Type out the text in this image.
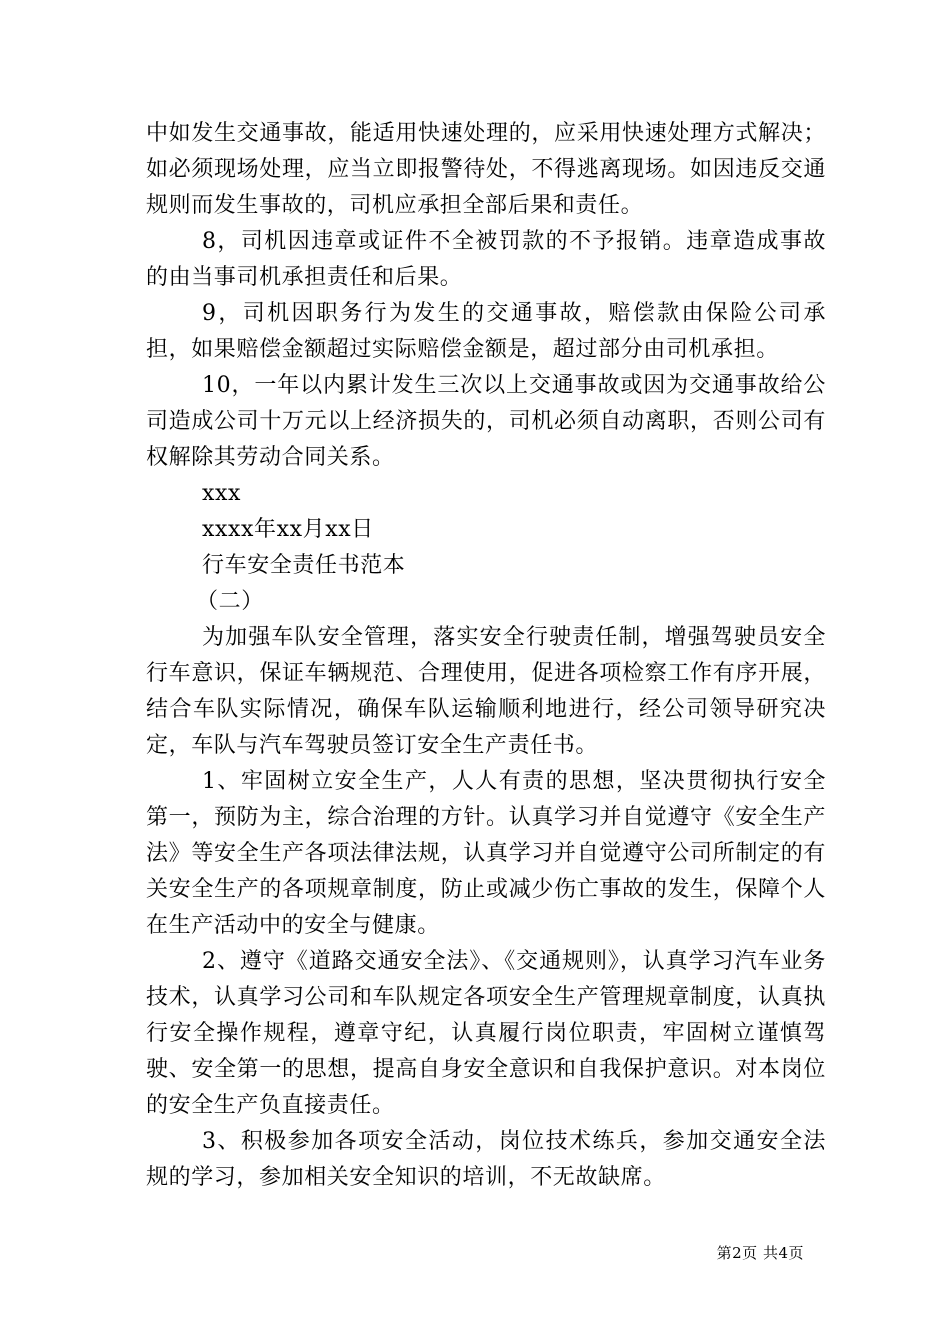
中如发生交通事故，能适用快速处理的，应采用快速处理方式解决；如必须现场处理，应当立即报警待处，不得逃离现场。如因违反交通规则而发生事故的，司机应承担全部后果和责任。

8，司机因违章或证件不全被罚款的不予报销。违章造成事故的由当事司机承担责任和后果。

9，司机因职务行为发生的交通事故，赔偿款由保险公司承担，如果赔偿金额超过实际赔偿金额是，超过部分由司机承担。

10，一年以内累计发生三次以上交通事故或因为交通事故给公司造成公司十万元以上经济损失的，司机必须自动离职，否则公司有权解除其劳动合同关系。

xxx

xxxx年xx月xx日

行车安全责任书范本

（二）

为加强车队安全管理，落实安全行驶责任制，增强驾驶员安全行车意识，保证车辆规范、合理使用，促进各项检察工作有序开展，结合车队实际情况，确保车队运输顺利地进行，经公司领导研究决定，车队与汽车驾驶员签订安全生产责任书。

1、牢固树立安全生产，人人有责的思想，坚决贯彻执行安全第一，预防为主，综合治理的方针。认真学习并自觉遵守《安全生产法》等安全生产各项法律法规，认真学习并自觉遵守公司所制定的有关安全生产的各项规章制度，防止或减少伤亡事故的发生，保障个人在生产活动中的安全与健康。

2、遵守《道路交通安全法》、《交通规则》，认真学习汽车业务技术，认真学习公司和车队规定各项安全生产管理规章制度，认真执行安全操作规程，遵章守纪，认真履行岗位职责，牢固树立谨慎驾驶、安全第一的思想，提高自身安全意识和自我保护意识。对本岗位的安全生产负直接责任。

3、积极参加各项安全活动，岗位技术练兵，参加交通安全法规的学习，参加相关安全知识的培训，不无故缺席。

第2页 共4页
